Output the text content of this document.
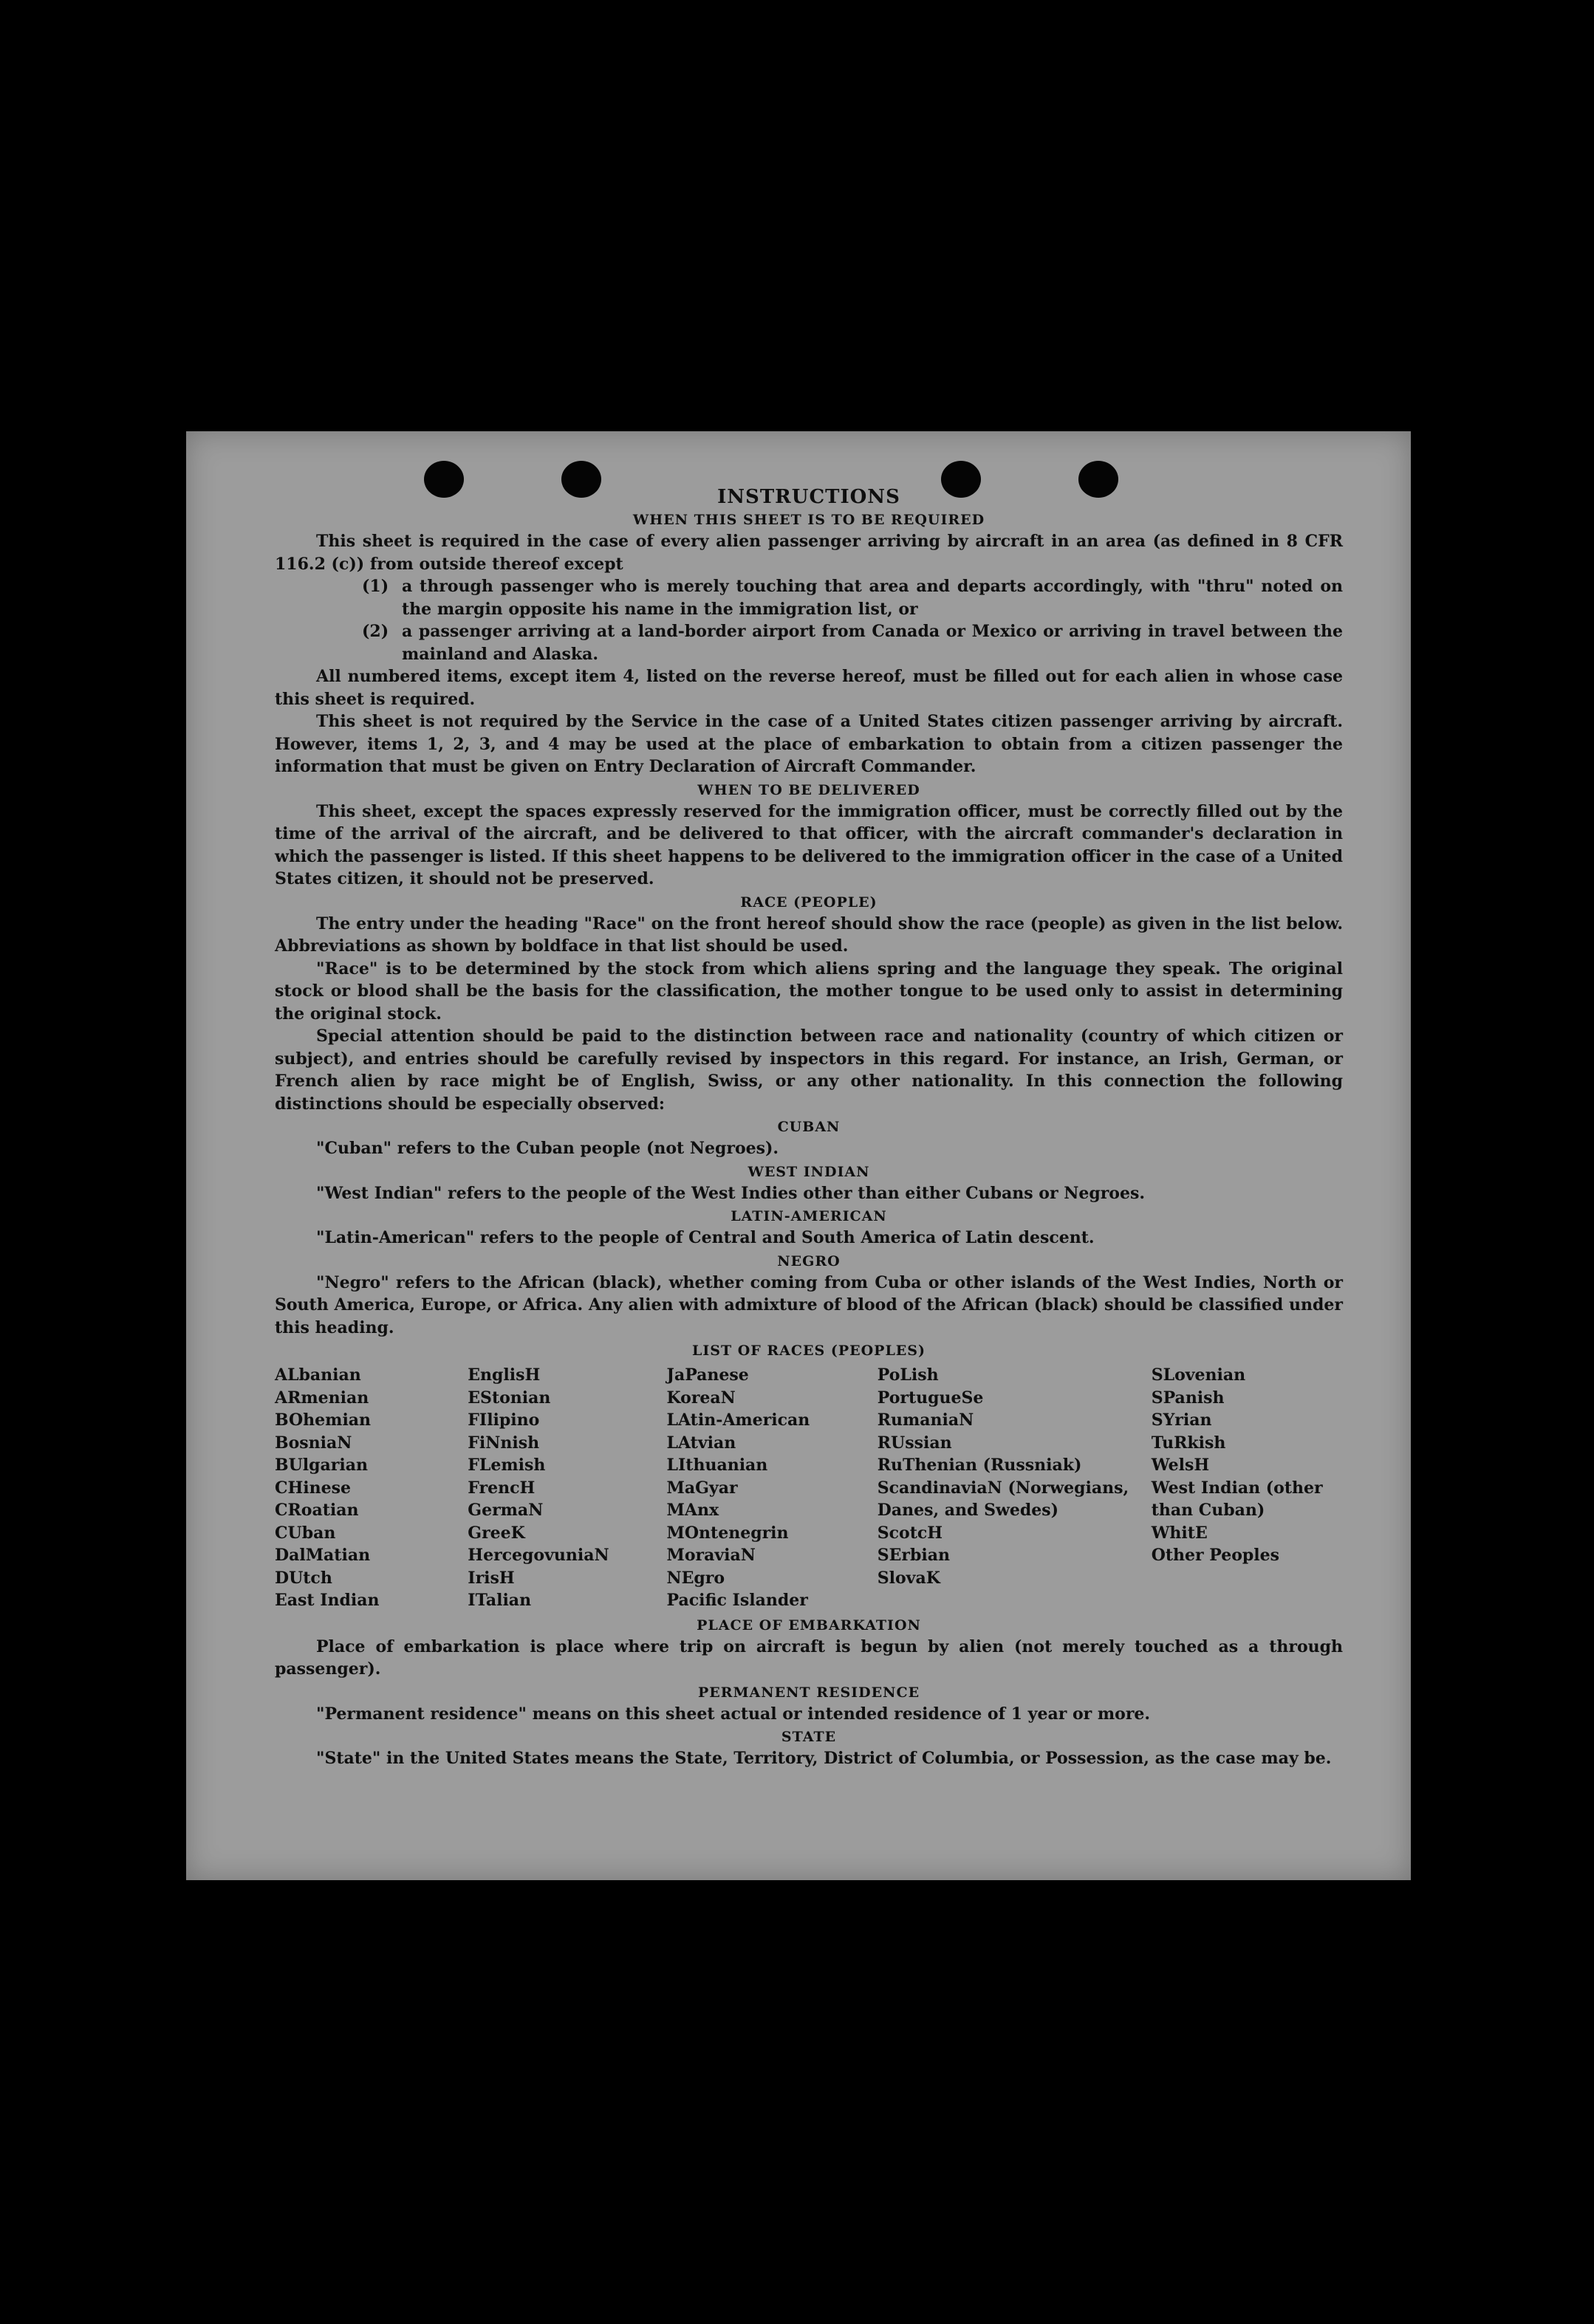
INSTRUCTIONS
WHEN THIS SHEET IS TO BE REQUIRED

This sheet is required in the case of every alien passenger arriving by aircraft in an area (as defined in 8 CFR 116.2 (c)) from outside thereof except

(1) a through passenger who is merely touching that area and departs accordingly, with "thru" noted on the margin opposite his name in the immigration list, or
(2) a passenger arriving at a land-border airport from Canada or Mexico or arriving in travel between the mainland and Alaska.

All numbered items, except item 4, listed on the reverse hereof, must be filled out for each alien in whose case this sheet is required.

This sheet is not required by the Service in the case of a United States citizen passenger arriving by aircraft. However, items 1, 2, 3, and 4 may be used at the place of embarkation to obtain from a citizen passenger the information that must be given on Entry Declaration of Aircraft Commander.

WHEN TO BE DELIVERED

This sheet, except the spaces expressly reserved for the immigration officer, must be correctly filled out by the time of the arrival of the aircraft, and be delivered to that officer, with the aircraft commander's declaration in which the passenger is listed. If this sheet happens to be delivered to the immigration officer in the case of a United States citizen, it should not be preserved.

RACE (PEOPLE)

The entry under the heading "Race" on the front hereof should show the race (people) as given in the list below. Abbreviations as shown by boldface in that list should be used.

"Race" is to be determined by the stock from which aliens spring and the language they speak. The original stock or blood shall be the basis for the classification, the mother tongue to be used only to assist in determining the original stock.

Special attention should be paid to the distinction between race and nationality (country of which citizen or subject), and entries should be carefully revised by inspectors in this regard. For instance, an Irish, German, or French alien by race might be of English, Swiss, or any other nationality. In this connection the following distinctions should be especially observed:

CUBAN

"Cuban" refers to the Cuban people (not Negroes).

WEST INDIAN

"West Indian" refers to the people of the West Indies other than either Cubans or Negroes.

LATIN-AMERICAN

"Latin-American" refers to the people of Central and South America of Latin descent.

NEGRO

"Negro" refers to the African (black), whether coming from Cuba or other islands of the West Indies, North or South America, Europe, or Africa. Any alien with admixture of blood of the African (black) should be classified under this heading.

LIST OF RACES (PEOPLES)
ALbanian
ARmenian
BOhemian
BosniaN
BUlgarian
CHinese
CRoatian
CUban
DalMatian
DUtch
East Indian
EnglisH
EStonian
FIlipino
FiNnish
FLemish
FrencH
GermaN
GreeK
HercegovuniaN
IrisH
ITalian
JaPanese
KoreaN
LAtin-American
LAtvian
LIthuanian
MaGyar
MAnx
MOntenegrin
MoraviaN
NEgro
Pacific Islander
PoLish
PortugueSe
RumaniaN
RUssian
RuThenian (Russniak)
ScandinaviaN (Norwegians, Danes, and Swedes)
ScotcH
SErbian
SlovaK
SLovenian
SPanish
SYrian
TuRkish
WelsH
West Indian (other than Cuban)
WhitE
Other Peoples
PLACE OF EMBARKATION

Place of embarkation is place where trip on aircraft is begun by alien (not merely touched as a through passenger).

PERMANENT RESIDENCE

"Permanent residence" means on this sheet actual or intended residence of 1 year or more.

STATE

"State" in the United States means the State, Territory, District of Columbia, or Possession, as the case may be.
